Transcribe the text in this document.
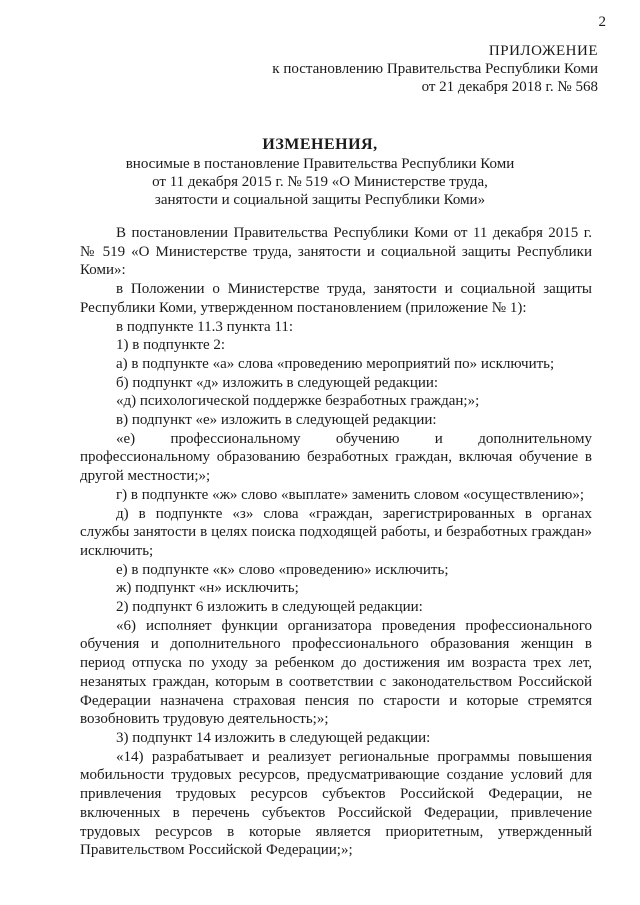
2
ПРИЛОЖЕНИЕ
к постановлению Правительства Республики Коми
от 21 декабря 2018 г. № 568
ИЗМЕНЕНИЯ,
вносимые в постановление Правительства Республики Коми
от 11 декабря 2015 г. № 519 «О Министерстве труда,
занятости и социальной защиты Республики Коми»

В постановлении Правительства Республики Коми от 11 декабря 2015 г. № 519 «О Министерстве труда, занятости и социальной защиты Республики Коми»:

в Положении о Министерстве труда, занятости и социальной защиты Республики Коми, утвержденном постановлением (приложение № 1):

в подпункте 11.3 пункта 11:

1) в подпункте 2:

а) в подпункте «а» слова «проведению мероприятий по» исключить;

б) подпункт «д» изложить в следующей редакции:

«д) психологической поддержке безработных граждан;»;

в) подпункт «е» изложить в следующей редакции:

«е) профессиональному обучению и дополнительному профессиональному образованию безработных граждан, включая обучение в другой местности;»;

г) в подпункте «ж» слово «выплате» заменить словом «осуществлению»;

д) в подпункте «з» слова «граждан, зарегистрированных в органах службы занятости в целях поиска подходящей работы, и безработных граждан» исключить;

е) в подпункте «к» слово «проведению» исключить;

ж) подпункт «н» исключить;

2) подпункт 6 изложить в следующей редакции:

«6) исполняет функции организатора проведения профессионального обучения и дополнительного профессионального образования женщин в период отпуска по уходу за ребенком до достижения им возраста трех лет, незанятых граждан, которым в соответствии с законодательством Российской Федерации назначена страховая пенсия по старости и которые стремятся возобновить трудовую деятельность;»;

3) подпункт 14 изложить в следующей редакции:

«14) разрабатывает и реализует региональные программы повышения мобильности трудовых ресурсов, предусматривающие создание условий для привлечения трудовых ресурсов субъектов Российской Федерации, не включенных в перечень субъектов Российской Федерации, привлечение трудовых ресурсов в которые является приоритетным, утвержденный Правительством Российской Федерации;»;
